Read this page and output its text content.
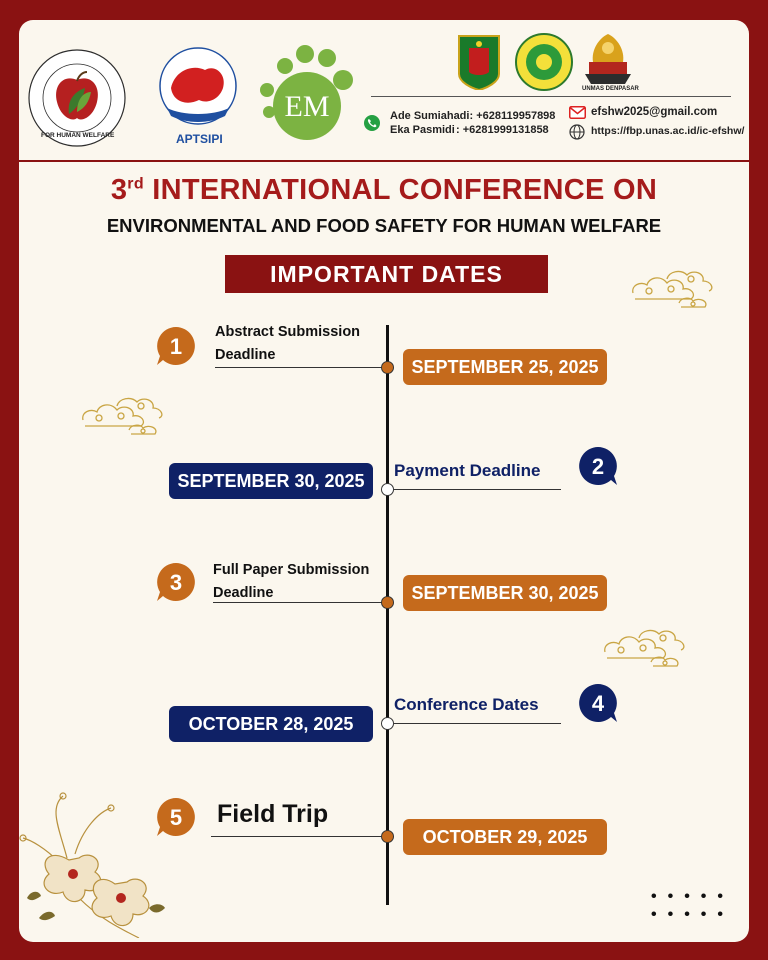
FOR HUMAN WELFARE	APTSIPI
EM
UNMAS DENPASAR
Ade Sumiahadi: +628119957898
Eka Pasmidi: +6281999131858
efshw2025@gmail.com
https://fbp.unas.ac.id/ic-efshw/
3rd INTERNATIONAL CONFERENCE ON
ENVIRONMENTAL AND FOOD SAFETY FOR HUMAN WELFARE
IMPORTANT DATES
1
Abstract Submission
Deadline
SEPTEMBER 25, 2025
SEPTEMBER 30, 2025
Payment Deadline 2
3 Full Paper Submission
Deadline	SEPTEMBER 30, 2025
OCTOBER 28, 2025
Conference Dates 4
5 Field Trip
OCTOBER 29, 2025
•••••
•••••
